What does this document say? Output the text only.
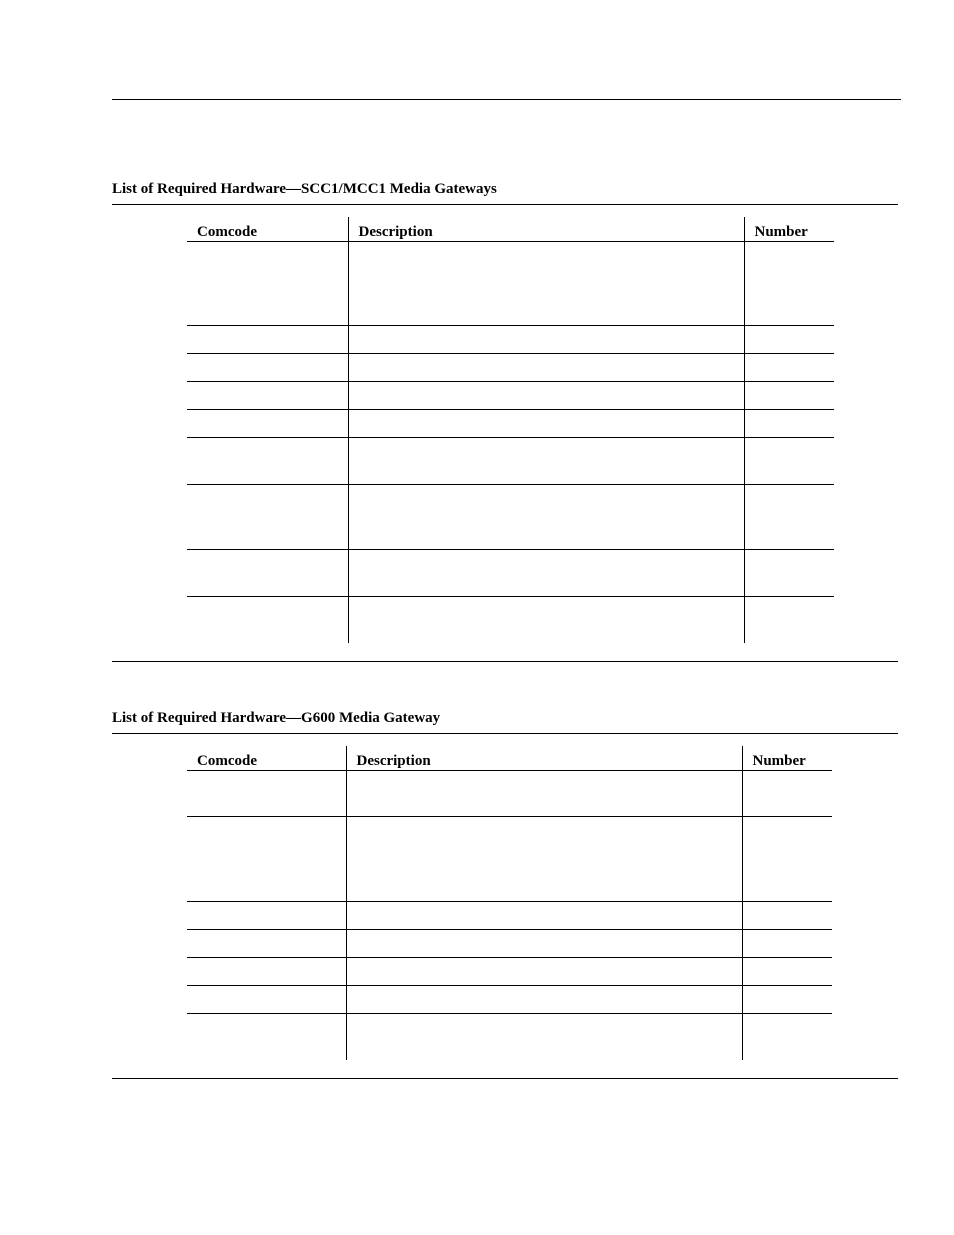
List of Required Hardware—SCC1/MCC1 Media Gateways
Comcode	Description	Number

List of Required Hardware—G600 Media Gateway
Comcode	Description	Number
